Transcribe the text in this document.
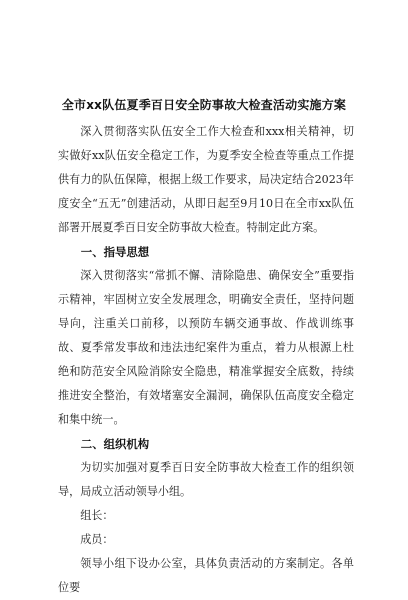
全市xx队伍夏季百日安全防事故大检查活动实施方案

深入贯彻落实队伍安全工作大检查和xxx相关精神，切实做好xx队伍安全稳定工作，为夏季安全检查等重点工作提供有力的队伍保障，根据上级工作要求，局决定结合2023年度安全“五无”创建活动，从即日起至9月10日在全市xx队伍部署开展夏季百日安全防事故大检查。特制定此方案。

一、指导思想

深入贯彻落实“常抓不懈、清除隐患、确保安全”重要指示精神，牢固树立安全发展理念，明确安全责任，坚持问题导向，注重关口前移，以预防车辆交通事故、作战训练事故、夏季常发事故和违法违纪案件为重点，着力从根源上杜绝和防范安全风险消除安全隐患，精准掌握安全底数，持续推进安全整治，有效堵塞安全漏洞，确保队伍高度安全稳定和集中统一。

二、组织机构

为切实加强对夏季百日安全防事故大检查工作的组织领导，局成立活动领导小组。

组长：

成员：

领导小组下设办公室，具体负责活动的方案制定。各单位要
